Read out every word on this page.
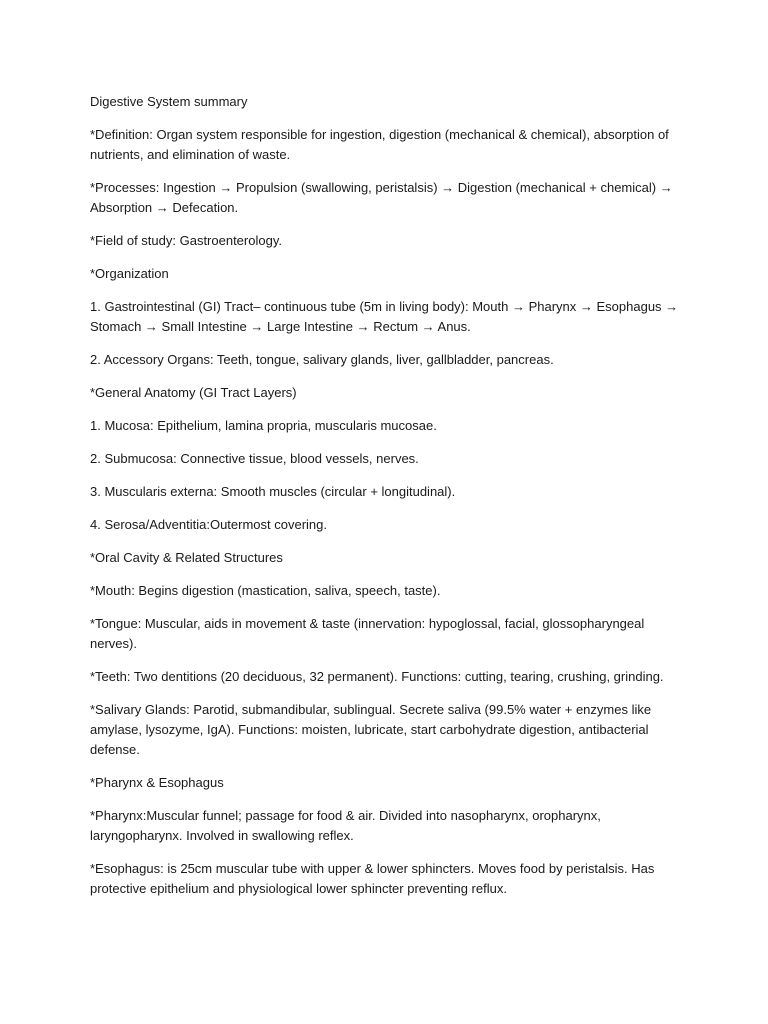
Digestive System summary

*Definition: Organ system responsible for ingestion, digestion (mechanical & chemical), absorption of nutrients, and elimination of waste.

*Processes: Ingestion → Propulsion (swallowing, peristalsis) → Digestion (mechanical + chemical) → Absorption → Defecation.

*Field of study: Gastroenterology.

*Organization

1. Gastrointestinal (GI) Tract– continuous tube (5m in living body): Mouth → Pharynx → Esophagus → Stomach → Small Intestine → Large Intestine → Rectum → Anus.

2. Accessory Organs: Teeth, tongue, salivary glands, liver, gallbladder, pancreas.

*General Anatomy (GI Tract Layers)

1. Mucosa: Epithelium, lamina propria, muscularis mucosae.

2. Submucosa: Connective tissue, blood vessels, nerves.

3. Muscularis externa: Smooth muscles (circular + longitudinal).

4. Serosa/Adventitia:Outermost covering.

*Oral Cavity & Related Structures

*Mouth: Begins digestion (mastication, saliva, speech, taste).

*Tongue: Muscular, aids in movement & taste (innervation: hypoglossal, facial, glossopharyngeal nerves).

*Teeth: Two dentitions (20 deciduous, 32 permanent). Functions: cutting, tearing, crushing, grinding.

*Salivary Glands: Parotid, submandibular, sublingual. Secrete saliva (99.5% water + enzymes like amylase, lysozyme, IgA). Functions: moisten, lubricate, start carbohydrate digestion, antibacterial defense.

*Pharynx & Esophagus

*Pharynx:Muscular funnel; passage for food & air. Divided into nasopharynx, oropharynx, laryngopharynx. Involved in swallowing reflex.

*Esophagus: is 25cm muscular tube with upper & lower sphincters. Moves food by peristalsis. Has protective epithelium and physiological lower sphincter preventing reflux.
